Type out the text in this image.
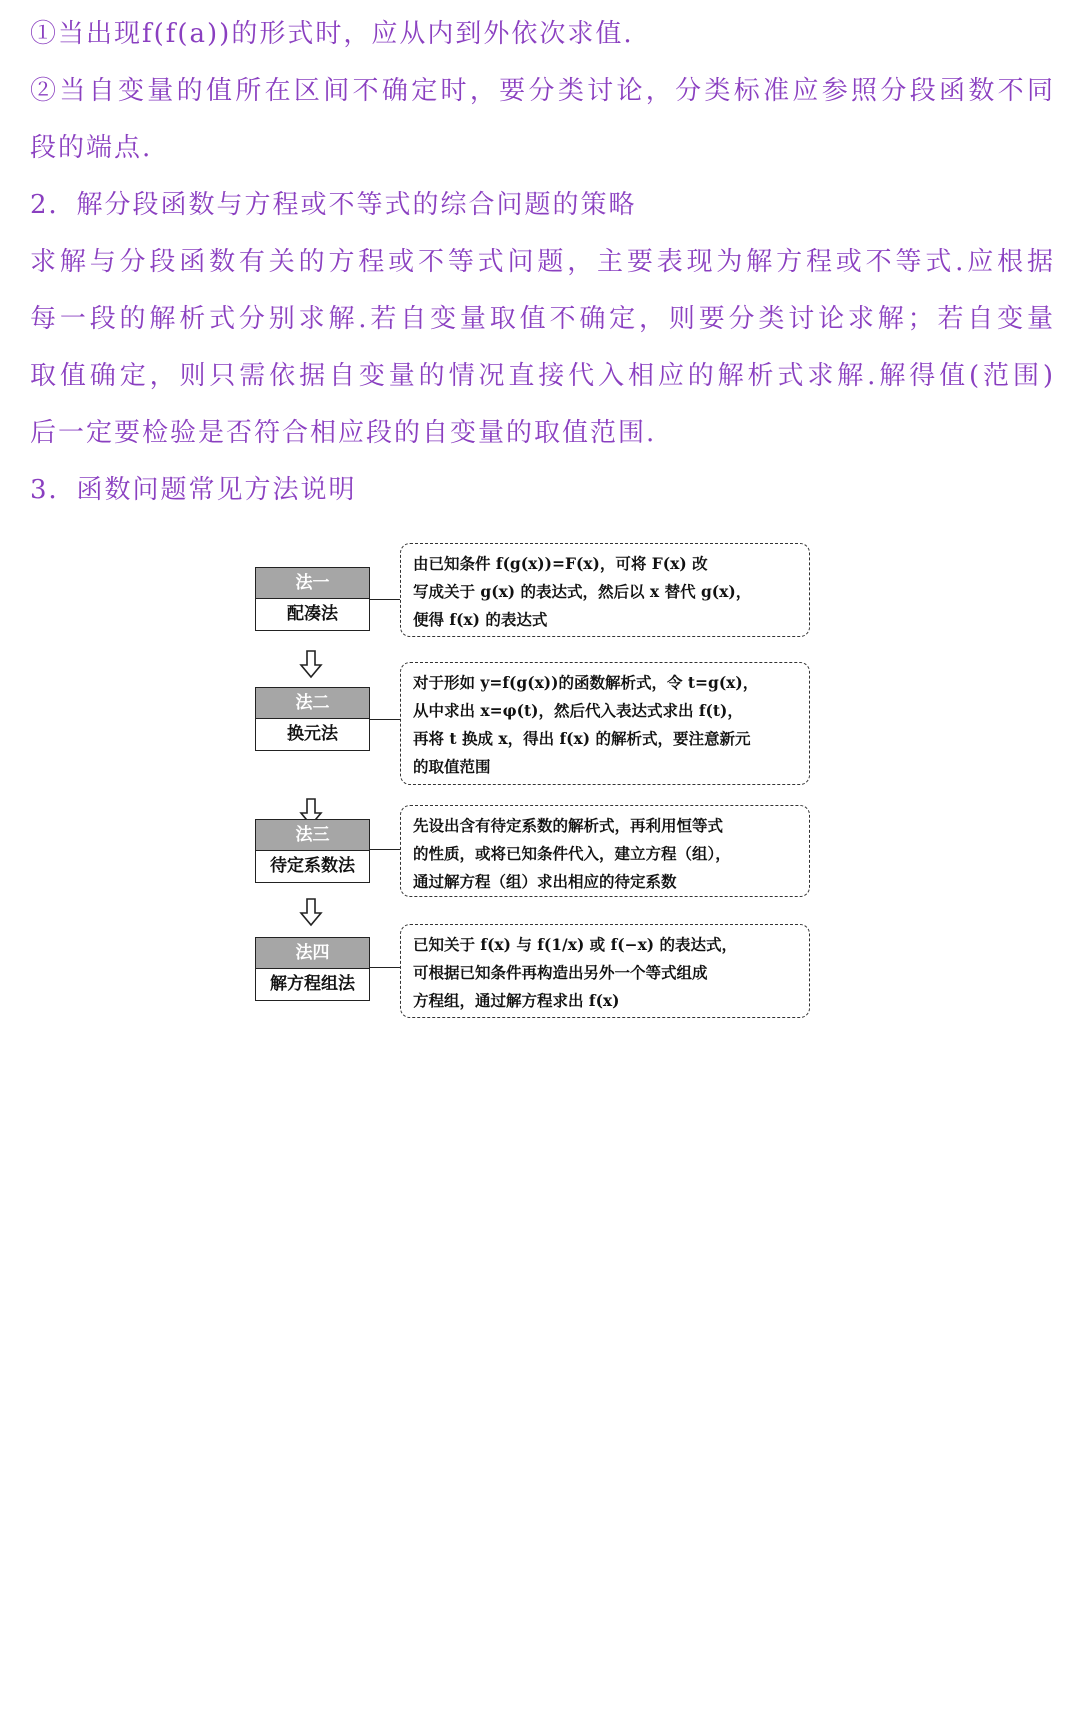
①当出现f(f(a))的形式时，应从内到外依次求值.
②当自变量的值所在区间不确定时，要分类讨论，分类标准应参照分段函数不同
段的端点.
2．解分段函数与方程或不等式的综合问题的策略
求解与分段函数有关的方程或不等式问题，主要表现为解方程或不等式.应根据
每一段的解析式分别求解.若自变量取值不确定，则要分类讨论求解；若自变量
取值确定，则只需依据自变量的情况直接代入相应的解析式求解.解得值(范围)
后一定要检验是否符合相应段的自变量的取值范围.
3．函数问题常见方法说明
法一
配凑法
由已知条件 f(g(x))=F(x)，可将 F(x) 改
写成关于 g(x) 的表达式，然后以 x 替代 g(x)，
便得 f(x) 的表达式
法二
换元法
对于形如 y=f(g(x))的函数解析式，令 t=g(x)，
从中求出 x=φ(t)，然后代入表达式求出 f(t)，
再将 t 换成 x，得出 f(x) 的解析式，要注意新元
的取值范围
法三
待定系数法
先设出含有待定系数的解析式，再利用恒等式
的性质，或将已知条件代入，建立方程（组），
通过解方程（组）求出相应的待定系数
法四
解方程组法
已知关于 f(x) 与 f(1/x) 或 f(−x) 的表达式，
可根据已知条件再构造出另外一个等式组成
方程组，通过解方程求出 f(x)
